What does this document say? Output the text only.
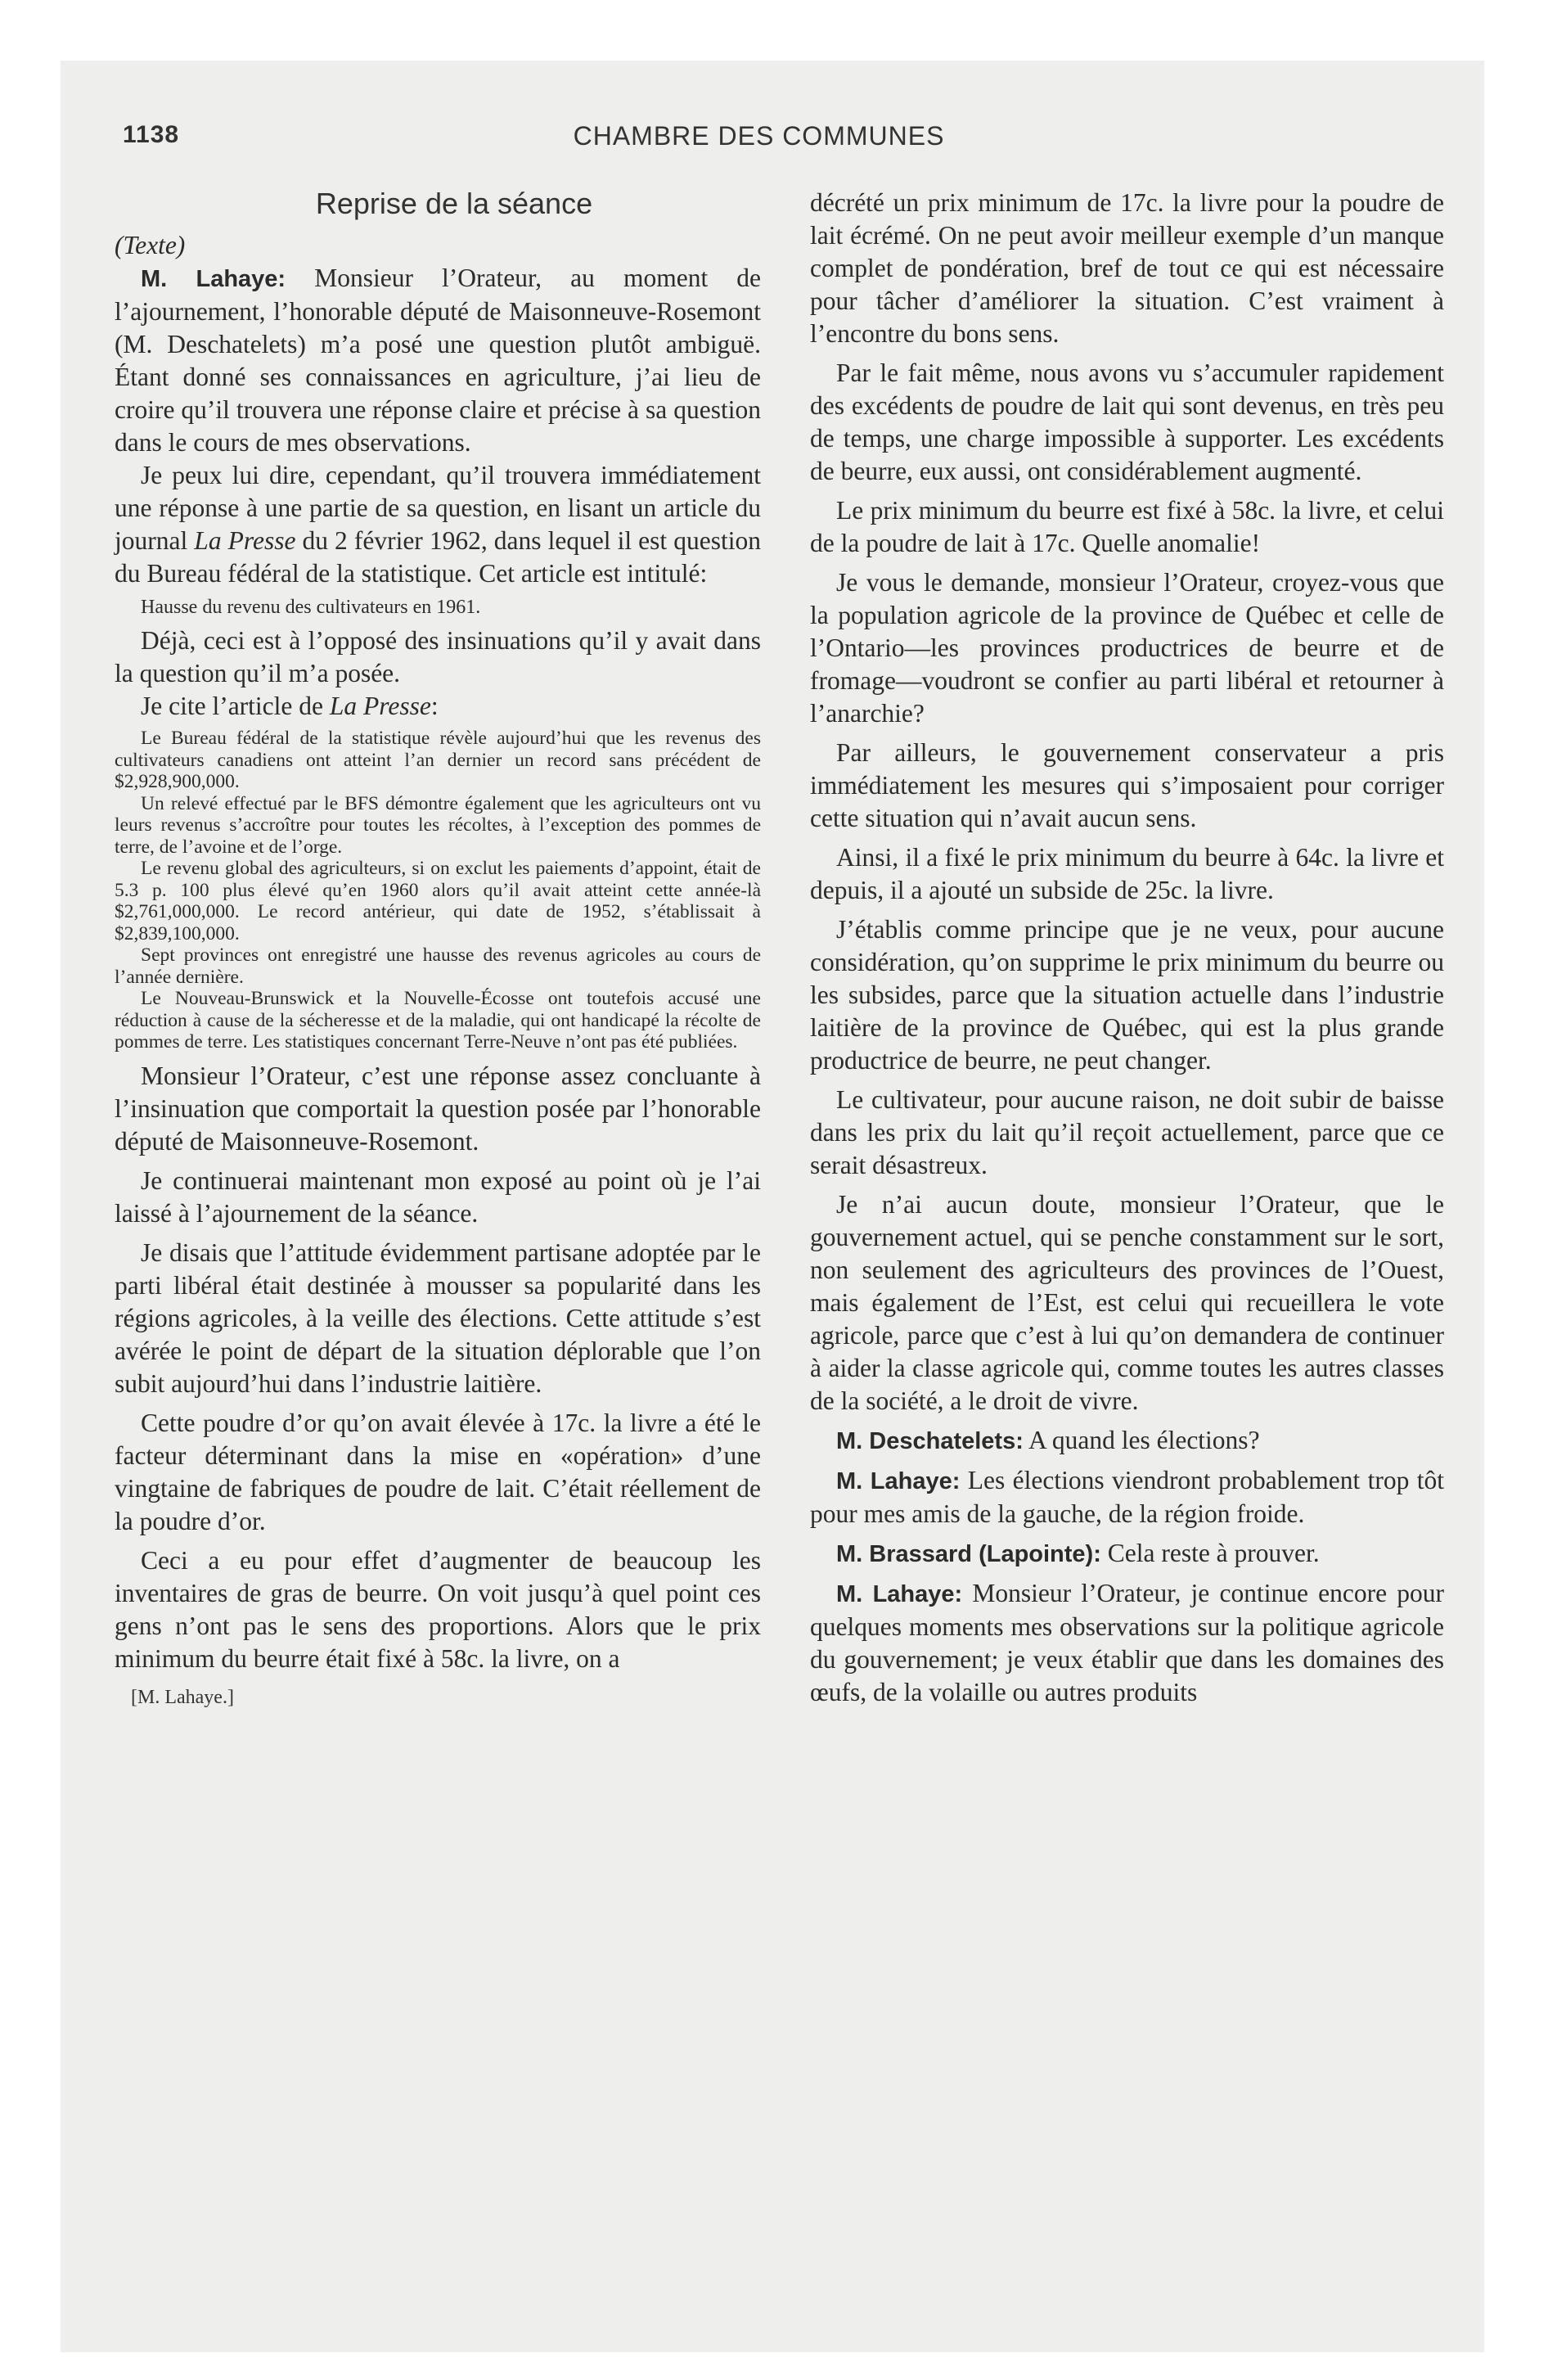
1138	CHAMBRE DES COMMUNES
Reprise de la séance

(Texte)

M. Lahaye: Monsieur l’Orateur, au moment de l’ajournement, l’honorable député de Maisonneuve-Rosemont (M. Deschatelets) m’a posé une question plutôt ambiguë. Étant donné ses connaissances en agriculture, j’ai lieu de croire qu’il trouvera une réponse claire et précise à sa question dans le cours de mes observations.

Je peux lui dire, cependant, qu’il trouvera immédiatement une réponse à une partie de sa question, en lisant un article du journal La Presse du 2 février 1962, dans lequel il est question du Bureau fédéral de la statistique. Cet article est intitulé:

Hausse du revenu des cultivateurs en 1961.

Déjà, ceci est à l’opposé des insinuations qu’il y avait dans la question qu’il m’a posée.

Je cite l’article de La Presse:

Le Bureau fédéral de la statistique révèle aujourd’hui que les revenus des cultivateurs canadiens ont atteint l’an dernier un record sans précédent de $2,928,900,000.

Un relevé effectué par le BFS démontre également que les agriculteurs ont vu leurs revenus s’accroître pour toutes les récoltes, à l’exception des pommes de terre, de l’avoine et de l’orge.

Le revenu global des agriculteurs, si on exclut les paiements d’appoint, était de 5.3 p. 100 plus élevé qu’en 1960 alors qu’il avait atteint cette année-là $2,761,000,000. Le record antérieur, qui date de 1952, s’établissait à $2,839,100,000.

Sept provinces ont enregistré une hausse des revenus agricoles au cours de l’année dernière.

Le Nouveau-Brunswick et la Nouvelle-Écosse ont toutefois accusé une réduction à cause de la sécheresse et de la maladie, qui ont handicapé la récolte de pommes de terre. Les statistiques concernant Terre-Neuve n’ont pas été publiées.

Monsieur l’Orateur, c’est une réponse assez concluante à l’insinuation que comportait la question posée par l’honorable député de Maisonneuve-Rosemont.

Je continuerai maintenant mon exposé au point où je l’ai laissé à l’ajournement de la séance.

Je disais que l’attitude évidemment partisane adoptée par le parti libéral était destinée à mousser sa popularité dans les régions agricoles, à la veille des élections. Cette attitude s’est avérée le point de départ de la situation déplorable que l’on subit aujourd’hui dans l’industrie laitière.

Cette poudre d’or qu’on avait élevée à 17c. la livre a été le facteur déterminant dans la mise en «opération» d’une vingtaine de fabriques de poudre de lait. C’était réellement de la poudre d’or.

Ceci a eu pour effet d’augmenter de beaucoup les inventaires de gras de beurre. On voit jusqu’à quel point ces gens n’ont pas le sens des proportions. Alors que le prix minimum du beurre était fixé à 58c. la livre, on a

[M. Lahaye.]

décrété un prix minimum de 17c. la livre pour la poudre de lait écrémé. On ne peut avoir meilleur exemple d’un manque complet de pondération, bref de tout ce qui est nécessaire pour tâcher d’améliorer la situation. C’est vraiment à l’encontre du bons sens.

Par le fait même, nous avons vu s’accumuler rapidement des excédents de poudre de lait qui sont devenus, en très peu de temps, une charge impossible à supporter. Les excédents de beurre, eux aussi, ont considérablement augmenté.

Le prix minimum du beurre est fixé à 58c. la livre, et celui de la poudre de lait à 17c. Quelle anomalie!

Je vous le demande, monsieur l’Orateur, croyez-vous que la population agricole de la province de Québec et celle de l’Ontario—les provinces productrices de beurre et de fromage—voudront se confier au parti libéral et retourner à l’anarchie?

Par ailleurs, le gouvernement conservateur a pris immédiatement les mesures qui s’imposaient pour corriger cette situation qui n’avait aucun sens.

Ainsi, il a fixé le prix minimum du beurre à 64c. la livre et depuis, il a ajouté un subside de 25c. la livre.

J’établis comme principe que je ne veux, pour aucune considération, qu’on supprime le prix minimum du beurre ou les subsides, parce que la situation actuelle dans l’industrie laitière de la province de Québec, qui est la plus grande productrice de beurre, ne peut changer.

Le cultivateur, pour aucune raison, ne doit subir de baisse dans les prix du lait qu’il reçoit actuellement, parce que ce serait désastreux.

Je n’ai aucun doute, monsieur l’Orateur, que le gouvernement actuel, qui se penche constamment sur le sort, non seulement des agriculteurs des provinces de l’Ouest, mais également de l’Est, est celui qui recueillera le vote agricole, parce que c’est à lui qu’on demandera de continuer à aider la classe agricole qui, comme toutes les autres classes de la société, a le droit de vivre.

M. Deschatelets: A quand les élections?

M. Lahaye: Les élections viendront probablement trop tôt pour mes amis de la gauche, de la région froide.

M. Brassard (Lapointe): Cela reste à prouver.

M. Lahaye: Monsieur l’Orateur, je continue encore pour quelques moments mes observations sur la politique agricole du gouvernement; je veux établir que dans les domaines des œufs, de la volaille ou autres produits
